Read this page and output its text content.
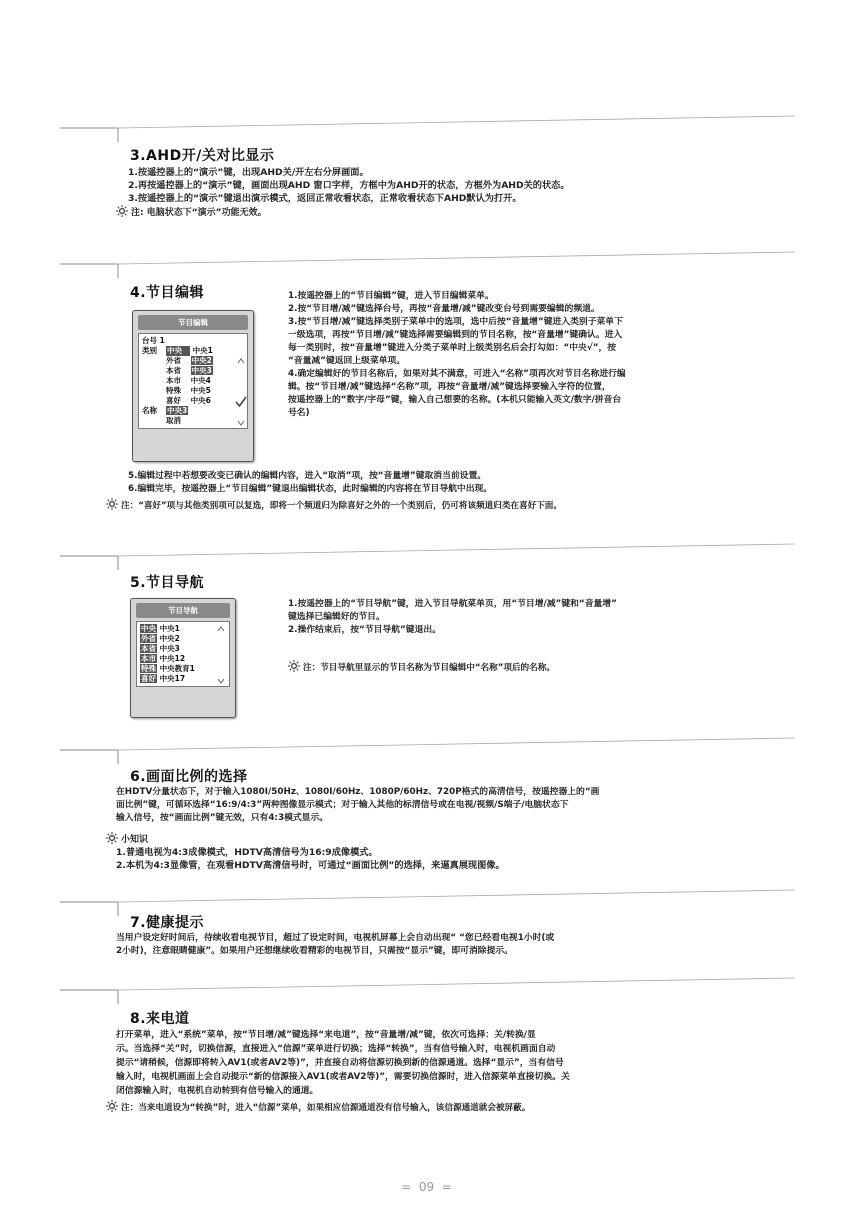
3.AHD开/关对比显示
1.按遥控器上的“演示”键，出现AHD关/开左右分屏画面。
2.再按遥控器上的“演示”键，画面出现AHD 窗口字样，方框中为AHD开的状态，方框外为AHD关的状态。
3.按遥控器上的“演示”键退出演示模式，返回正常收看状态，正常收看状态下AHD默认为打开。
注: 电脑状态下“演示”功能无效。
4.节目编辑
节目编辑
台号 1
类别 中央 中央1
外省 中央2
本省 中央3
本市 中央4
特殊 中央5
喜好 中央6
名称 中央3
取消
1.按遥控器上的“节目编辑”键，进入节目编辑菜单。
2.按“节目增/减”键选择台号，再按“音量增/减”键改变台号到需要编辑的频道。
3.按“节目增/减”键选择类别子菜单中的选项，选中后按“音量增”键进入类别子菜单下
一级选项，再按“节目增/减”键选择需要编辑到的节目名称，按“音量增”键确认。进入
每一类别时，按“音量增”键进入分类子菜单时上级类别名后会打勾如：“中央√”，按
“音量减”键返回上级菜单项。
4.确定编辑好的节目名称后，如果对其不满意，可进入“名称”项再次对节目名称进行编
辑。按“节目增/减”键选择“名称”项，再按“音量增/减”键选择要输入字符的位置，
按遥控器上的“数字/字母”键，输入自己想要的名称。(本机只能输入英文/数字/拼音台
号名)
5.编辑过程中若想要改变已确认的编辑内容，进入“取消”项，按“音量增”键取消当前设置。
6.编辑完毕，按遥控器上“节目编辑”键退出编辑状态，此时编辑的内容将在节目导航中出现。
注：“喜好”项与其他类别项可以复选，即将一个频道归为除喜好之外的一个类别后，仍可将该频道归类在喜好下面。
5.节目导航
节目导航
中央 中央1
外省 中央2
本省 中央3
本市 中央12
特殊 中央教育1
喜好 中央17
1.按遥控器上的“节目导航”键，进入节目导航菜单页，用“节目增/减”键和“音量增”
键选择已编辑好的节目。
2.操作结束后，按“节目导航”键退出。
注：节目导航里显示的节目名称为节目编辑中“名称”项后的名称。
6.画面比例的选择
在HDTV分量状态下，对于输入1080I/50Hz、1080I/60Hz、1080P/60Hz、720P格式的高清信号，按遥控器上的“画
面比例”键，可循环选择“16:9/4:3”两种图像显示模式；对于输入其他的标清信号或在电视/视频/S端子/电脑状态下
输入信号，按“画面比例”键无效，只有4:3模式显示。
小知识
1.普通电视为4:3成像模式，HDTV高清信号为16:9成像模式。
2.本机为4:3显像管，在观看HDTV高清信号时，可通过“画面比例”的选择，来逼真展现图像。
7.健康提示
当用户设定好时间后，待续收看电视节目，超过了设定时间，电视机屏幕上会自动出现“ “您已经看电视1小时(或
2小时)，注意眼睛健康”。如果用户还想继续收看精彩的电视节目，只需按“显示”键，即可消除提示。
8.来电道
打开菜单，进入“系统”菜单，按“节目增/减”键选择“来电道”，按“音量增/减”键，依次可选择：关/转换/显
示。当选择“关”时，切换信源，直接进入“信源”菜单进行切换；选择“转换”，当有信号输入时，电视机画面自动
提示“请稍候，信源即将转入AV1(或者AV2等)”，并直接自动将信源切换到新的信源通道。选择“显示”，当有信号
输入时，电视机画面上会自动提示“新的信源接入AV1(或者AV2等)”，需要切换信源时，进入信源菜单直接切换。关
闭信源输入时，电视机自动转到有信号输入的通道。
注：当来电道设为“转换”时，进入“信源”菜单，如果相应信源通道没有信号输入，该信源通道就会被屏蔽。
= 09 =
